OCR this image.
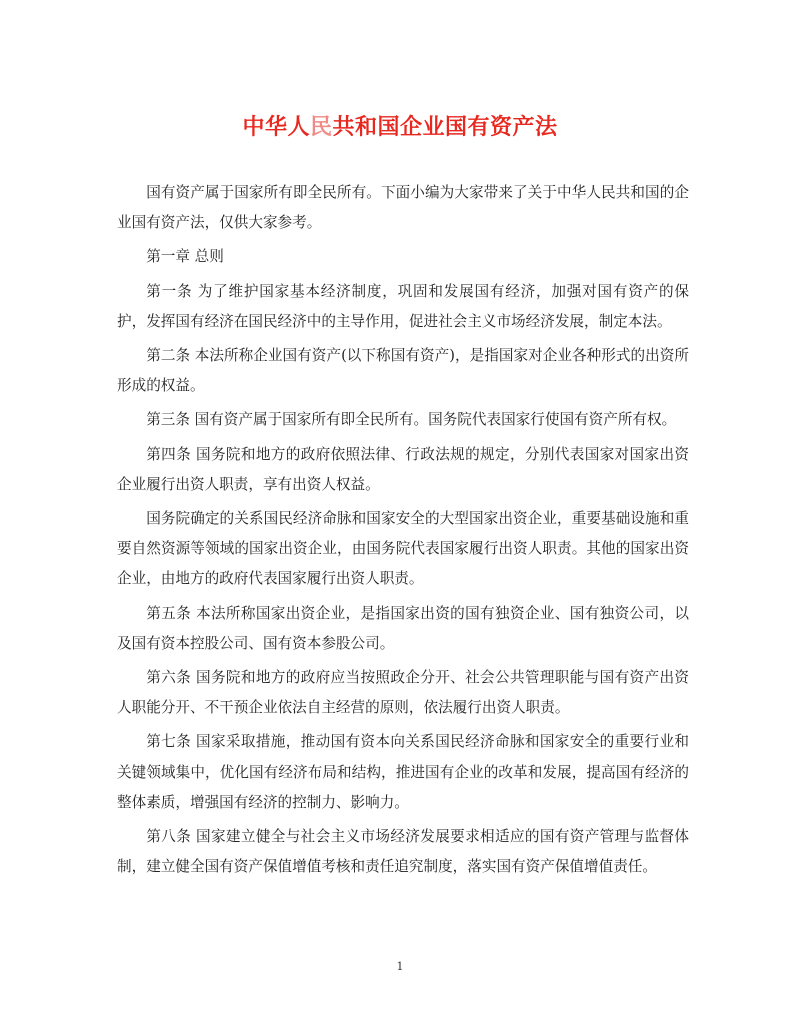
中华人民共和国企业国有资产法

国有资产属于国家所有即全民所有。下面小编为大家带来了关于中华人民共和国的企业国有资产法，仅供大家参考。

第一章 总则

第一条 为了维护国家基本经济制度，巩固和发展国有经济，加强对国有资产的保护，发挥国有经济在国民经济中的主导作用，促进社会主义市场经济发展，制定本法。

第二条 本法所称企业国有资产(以下称国有资产)，是指国家对企业各种形式的出资所形成的权益。

第三条 国有资产属于国家所有即全民所有。国务院代表国家行使国有资产所有权。

第四条 国务院和地方的政府依照法律、行政法规的规定，分别代表国家对国家出资企业履行出资人职责，享有出资人权益。

国务院确定的关系国民经济命脉和国家安全的大型国家出资企业，重要基础设施和重要自然资源等领域的国家出资企业，由国务院代表国家履行出资人职责。其他的国家出资企业，由地方的政府代表国家履行出资人职责。

第五条 本法所称国家出资企业，是指国家出资的国有独资企业、国有独资公司，以及国有资本控股公司、国有资本参股公司。

第六条 国务院和地方的政府应当按照政企分开、社会公共管理职能与国有资产出资人职能分开、不干预企业依法自主经营的原则，依法履行出资人职责。

第七条 国家采取措施，推动国有资本向关系国民经济命脉和国家安全的重要行业和关键领域集中，优化国有经济布局和结构，推进国有企业的改革和发展，提高国有经济的整体素质，增强国有经济的控制力、影响力。

第八条 国家建立健全与社会主义市场经济发展要求相适应的国有资产管理与监督体制，建立健全国有资产保值增值考核和责任追究制度，落实国有资产保值增值责任。

1
